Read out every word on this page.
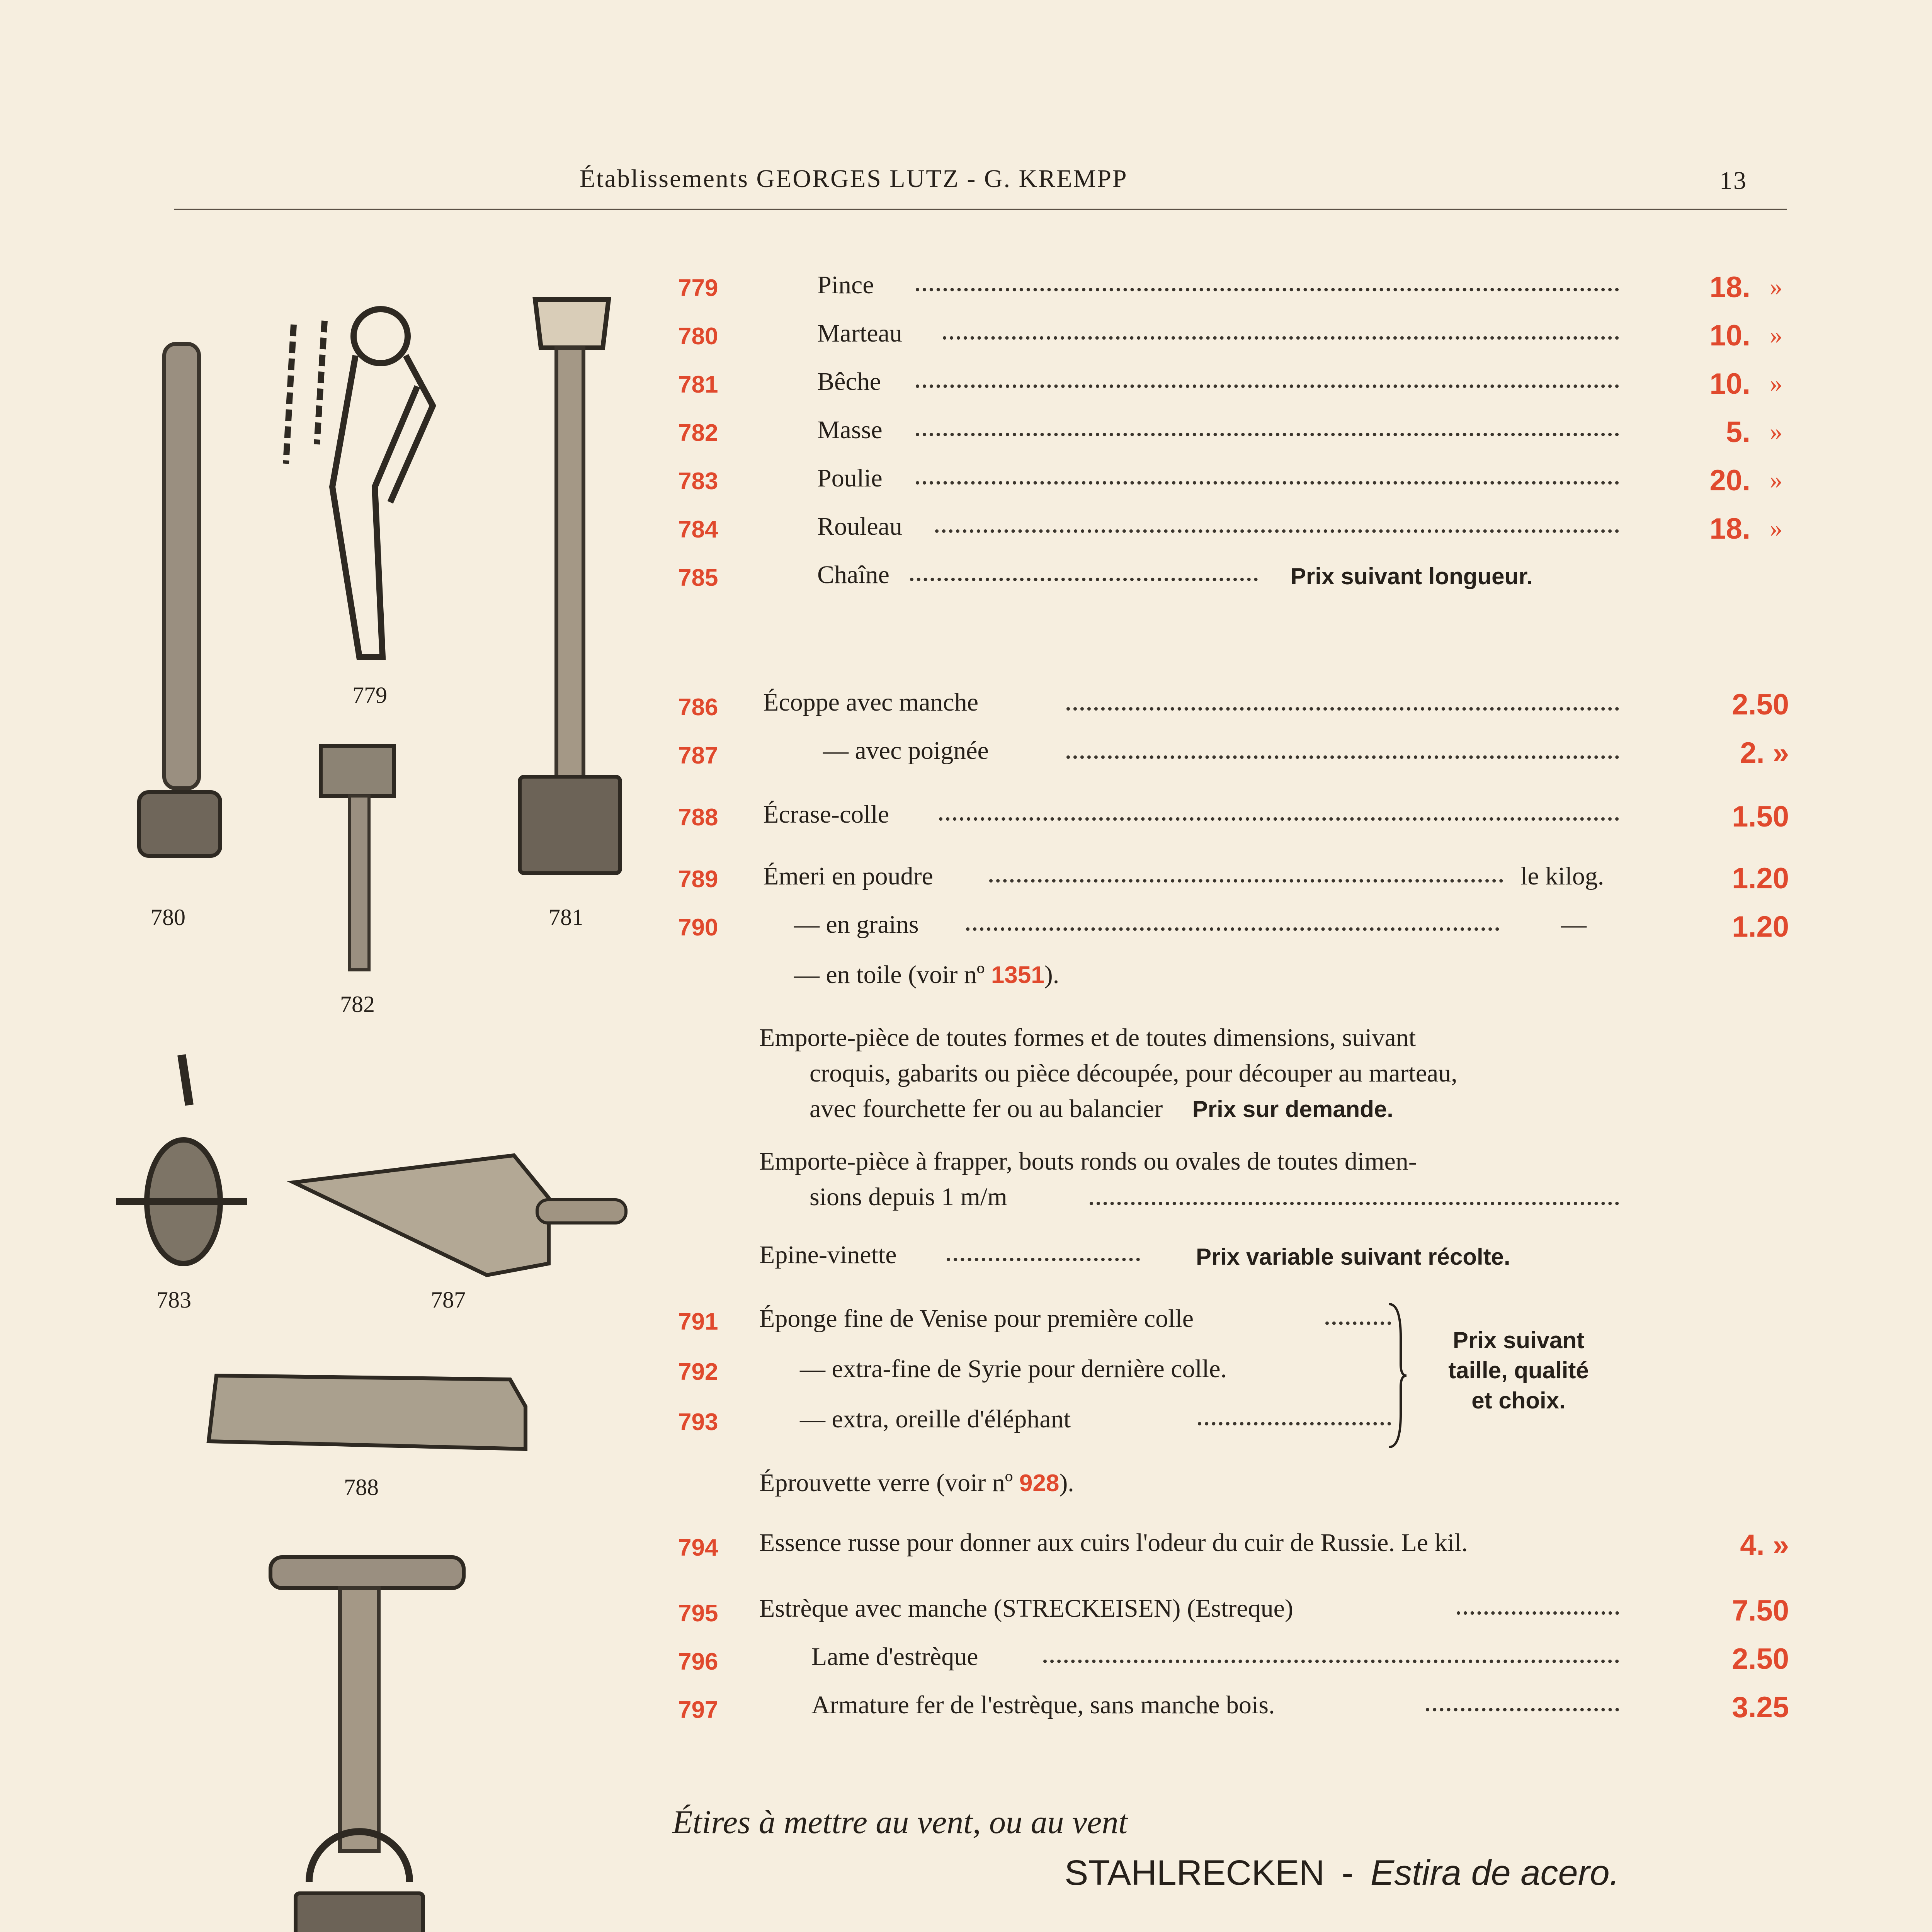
Établissements GEORGES LUTZ - G. KREMPP	13
779
780	781
782
783	787
788
779	Pince	18. »
780	Marteau	10. »
781	Bêche	10. »
782	Masse	5. »
783	Poulie	20. »
784	Rouleau	18. »
785	Chaîne	Prix suivant longueur.
786 Écoppe avec manche	2.50
787	— avec poignée	2. »
788 Écrase-colle	1.50
789 Émeri en poudre	le kilog.	1.20
790	— en grains	—	1.20
— en toile (voir nº 1351).
Emporte-pièce de toutes formes et de toutes dimensions, suivant
croquis, gabarits ou pièce découpée, pour découper au marteau,
avec fourchette fer ou au balancier Prix sur demande.
Emporte-pièce à frapper, bouts ronds ou ovales de toutes dimen-
sions depuis 1 m/m
Epine-vinette	Prix variable suivant récolte.
791 Éponge fine de Venise pour première colle
792	— extra-fine de Syrie pour dernière colle.
793	— extra, oreille d'éléphant
Prix suivant
taille, qualité
et choix.
Éprouvette verre (voir nº 928).
794 Essence russe pour donner aux cuirs l'odeur du cuir de Russie. Le kil.	4. »
795 Estrèque avec manche (STRECKEISEN) (Estreque)	7.50
796	Lame d'estrèque	2.50
797	Armature fer de l'estrèque, sans manche bois.	3.25
Étires à mettre au vent, ou au vent
STAHLRECKEN - Estira de acero.
